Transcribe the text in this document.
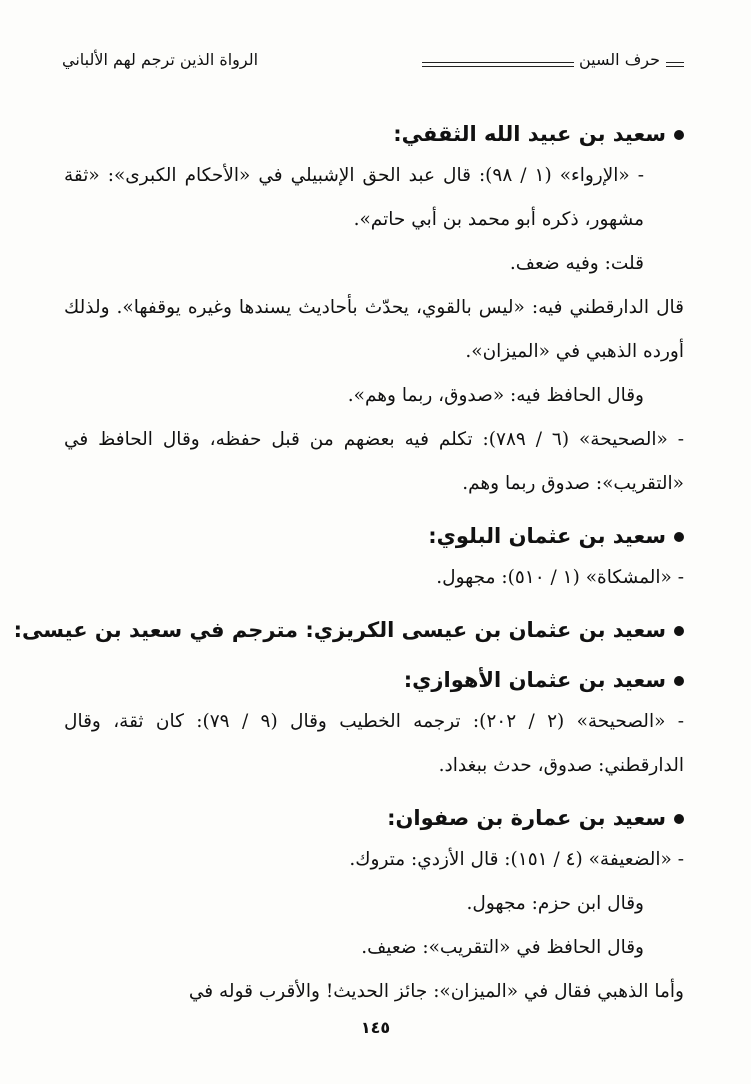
حرف السين
الرواة الذين ترجم لهم الألباني
سعيد بن عبيد الله الثقفي:
- «الإرواء» (١ / ٩٨): قال عبد الحق الإشبيلي في «الأحكام الكبرى»: «ثقة مشهور، ذكره أبو محمد بن أبي حاتم».
قلت: وفيه ضعف.
قال الدارقطني فيه: «ليس بالقوي، يحدّث بأحاديث يسندها وغيره يوقفها». ولذلك أورده الذهبي في «الميزان».
وقال الحافظ فيه: «صدوق، ربما وهم».
- «الصحيحة» (٦ / ٧٨٩): تكلم فيه بعضهم من قبل حفظه، وقال الحافظ في «التقريب»: صدوق ربما وهم.
سعيد بن عثمان البلوي:
- «المشكاة» (١ / ٥١٠): مجهول.
سعيد بن عثمان بن عيسى الكريزي: مترجم في سعيد بن عيسى:
سعيد بن عثمان الأهوازي:
- «الصحيحة» (٢ / ٢٠٢): ترجمه الخطيب وقال (٩ / ٧٩): كان ثقة، وقال الدارقطني: صدوق، حدث ببغداد.
سعيد بن عمارة بن صفوان:
- «الضعيفة» (٤ / ١٥١): قال الأزدي: متروك.
وقال ابن حزم: مجهول.
وقال الحافظ في «التقريب»: ضعيف.
وأما الذهبي فقال في «الميزان»: جائز الحديث! والأقرب قوله في
١٤٥
